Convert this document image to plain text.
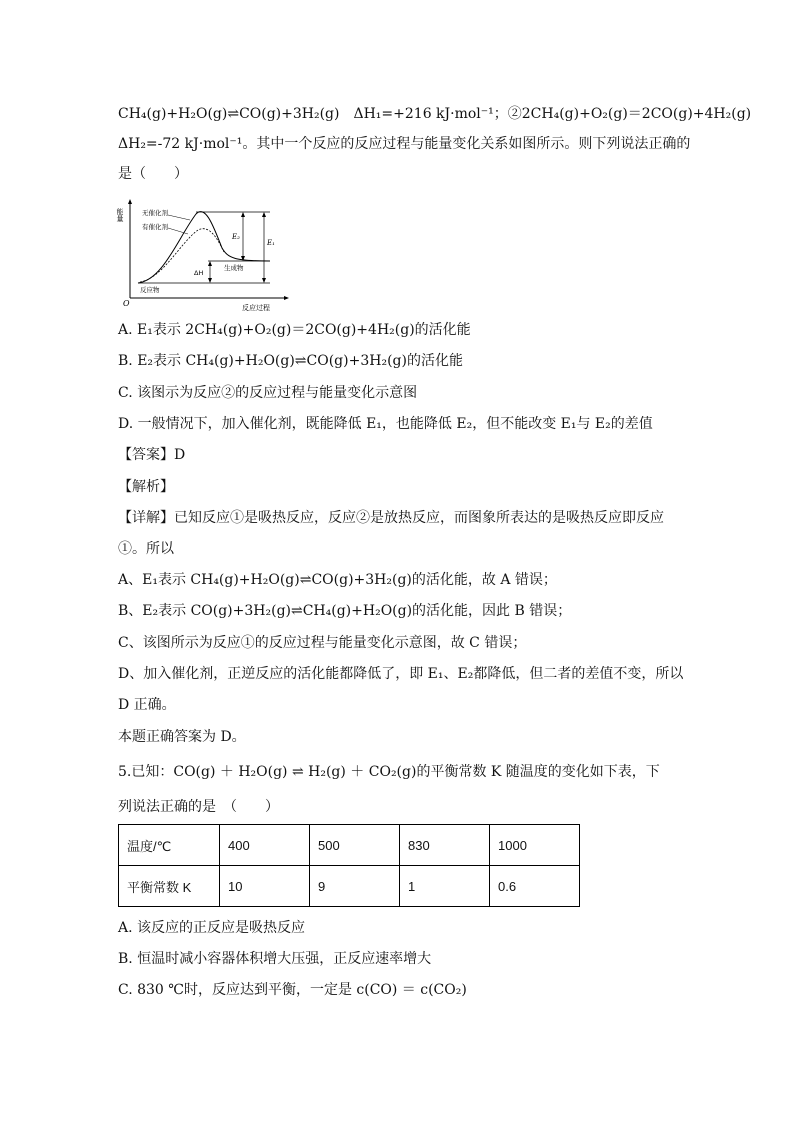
CH₄(g)+H₂O(g)⇌CO(g)+3H₂(g)　ΔH₁=+216 kJ·mol⁻¹；②2CH₄(g)+O₂(g)＝2CO(g)+4H₂(g)
ΔH₂=-72 kJ·mol⁻¹。其中一个反应的反应过程与能量变化关系如图所示。则下列说法正确的
是（　　）
能量
O	反应过程
无催化剂
有催化剂
反应物
生成物
E₂
E₁
ΔH
A. E₁表示 2CH₄(g)+O₂(g)＝2CO(g)+4H₂(g)的活化能
B. E₂表示 CH₄(g)+H₂O(g)⇌CO(g)+3H₂(g)的活化能
C. 该图示为反应②的反应过程与能量变化示意图
D. 一般情况下，加入催化剂，既能降低 E₁，也能降低 E₂，但不能改变 E₁与 E₂的差值
【答案】D
【解析】
【详解】已知反应①是吸热反应，反应②是放热反应，而图象所表达的是吸热反应即反应
①。所以
A、E₁表示 CH₄(g)+H₂O(g)⇌CO(g)+3H₂(g)的活化能，故 A 错误；
B、E₂表示 CO(g)+3H₂(g)⇌CH₄(g)+H₂O(g)的活化能，因此 B 错误；
C、该图所示为反应①的反应过程与能量变化示意图，故 C 错误；
D、加入催化剂，正逆反应的活化能都降低了，即 E₁、E₂都降低，但二者的差值不变，所以
D 正确。
本题正确答案为 D。
5.已知：CO(g) ＋ H₂O(g) ⇌ H₂(g) ＋ CO₂(g)的平衡常数 K 随温度的变化如下表，下
列说法正确的是　（　　）
温度/℃	400	500	830	1000
平衡常数 K	10	9	1	0.6
A. 该反应的正反应是吸热反应
B. 恒温时减小容器体积增大压强，正反应速率增大
C. 830 ℃时，反应达到平衡，一定是 c(CO) ＝ c(CO₂)
